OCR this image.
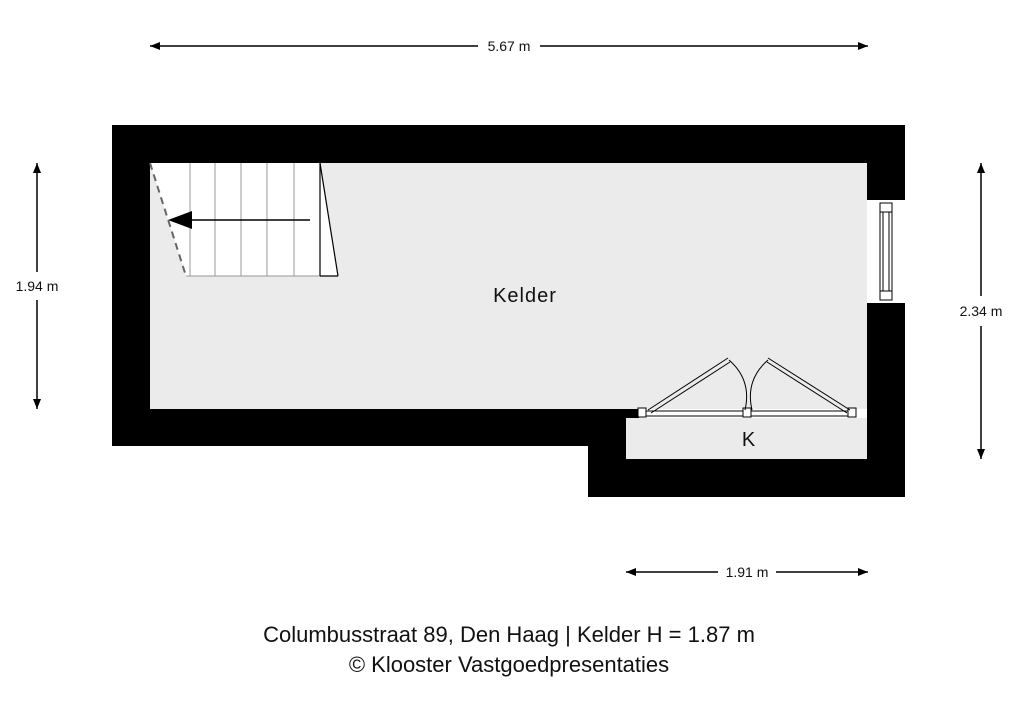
Kelder
K
5.67 m
1.94 m
2.34 m
1.91 m
Columbusstraat 89, Den Haag | Kelder H = 1.87 m
© Klooster Vastgoedpresentaties
